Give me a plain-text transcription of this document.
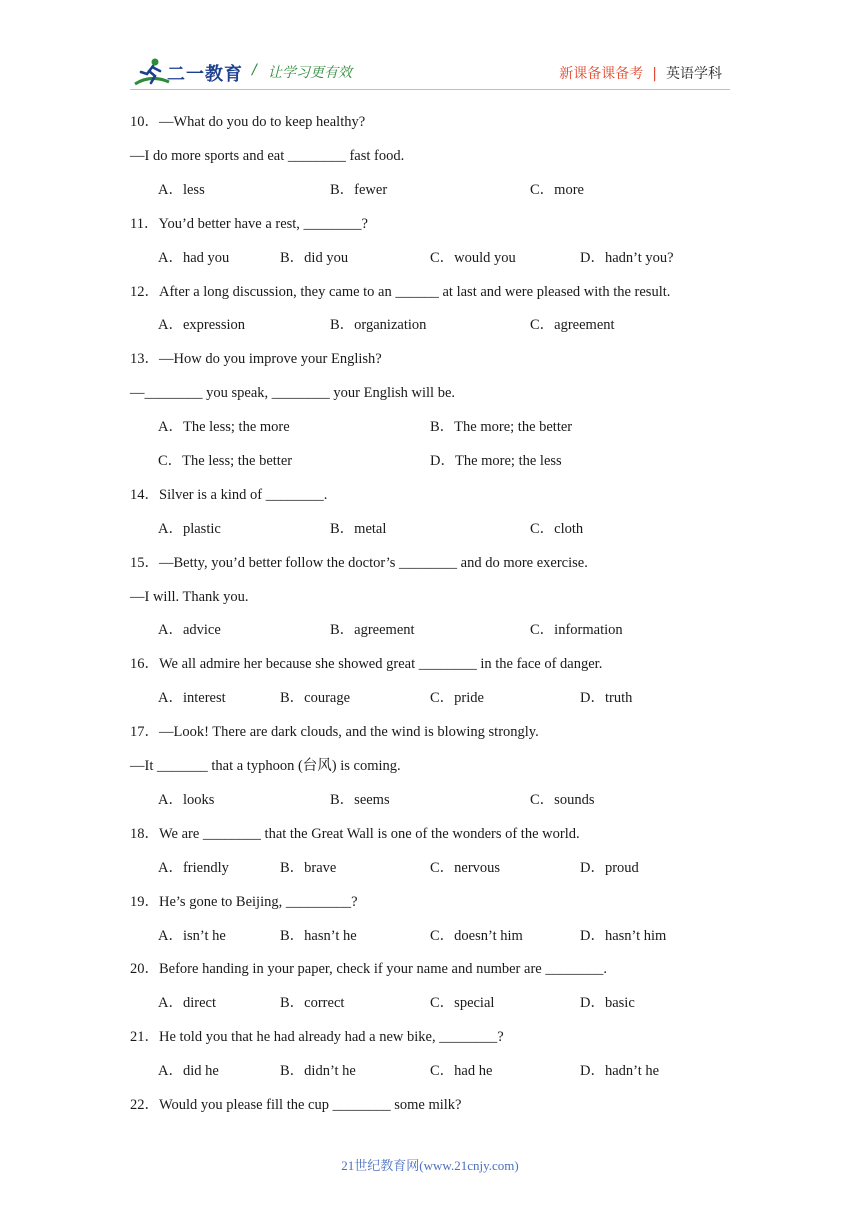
二一教育 / 让学习更有效	新课备课备考 | 英语学科
10．—What do you do to keep healthy?
—I do more sports and eat ________ fast food.
A．less	B．fewer	C．more
11．You’d better have a rest, ________?
A．had you	B．did you	C．would you	D．hadn’t you?
12．After a long discussion, they came to an ______ at last and were pleased with the result.
A．expression	B．organization	C．agreement
13．—How do you improve your English?
—________ you speak, ________ your English will be.
A．The less; the more	B．The more; the better
C．The less; the better	D．The more; the less
14．Silver is a kind of ________.
A．plastic	B．metal	C．cloth
15．—Betty, you’d better follow the doctor’s ________ and do more exercise.
—I will. Thank you.
A．advice	B．agreement	C．information
16．We all admire her because she showed great ________ in the face of danger.
A．interest	B．courage	C．pride	D．truth
17．—Look! There are dark clouds, and the wind is blowing strongly.
—It _______ that a typhoon (台风) is coming.
A．looks	B．seems	C．sounds
18．We are ________ that the Great Wall is one of the wonders of the world.
A．friendly	B．brave	C．nervous	D．proud
19．He’s gone to Beijing, _________?
A．isn’t he	B．hasn’t he	C．doesn’t him	D．hasn’t him
20．Before handing in your paper, check if your name and number are ________.
A．direct	B．correct	C．special	D．basic
21．He told you that he had already had a new bike, ________?
A．did he	B．didn’t he	C．had he	D．hadn’t he
22．Would you please fill the cup ________ some milk?
21世纪教育网(www.21cnjy.com)
